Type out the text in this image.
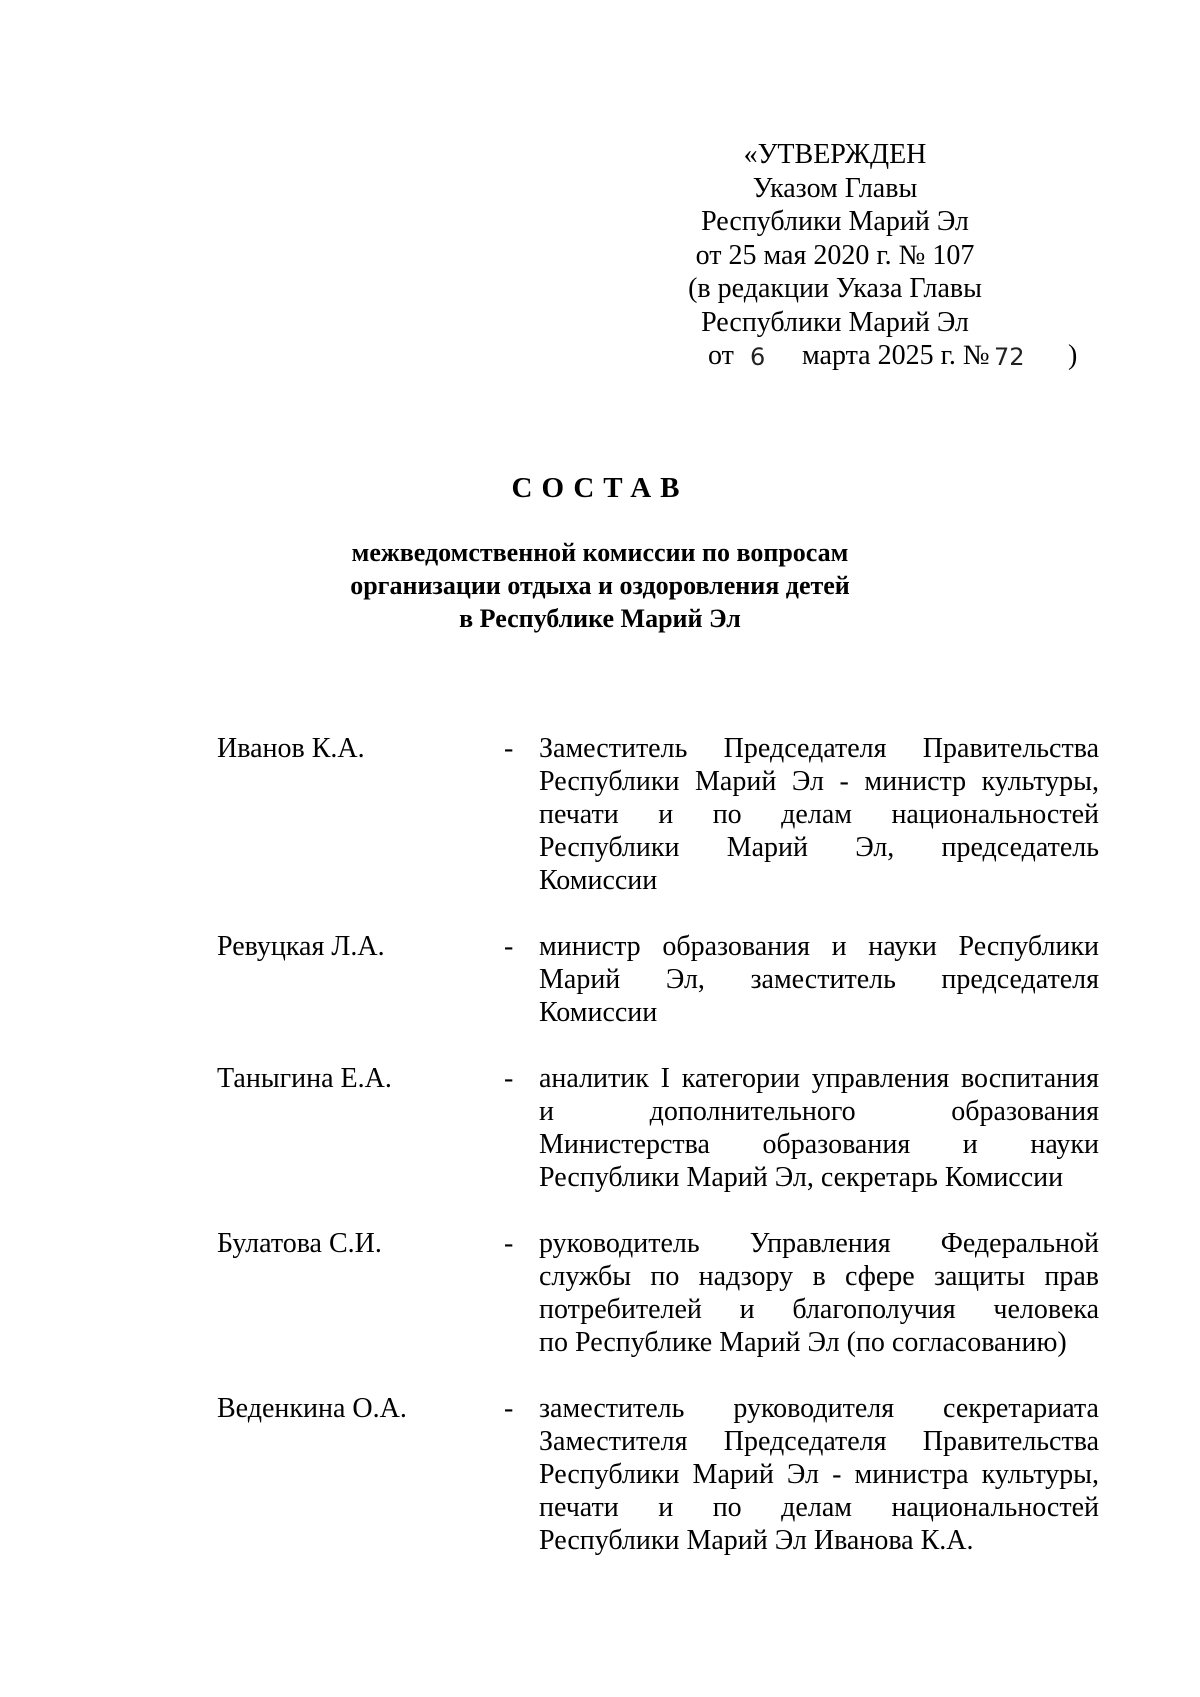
«УТВЕРЖДЕН
Указом Главы
Республики Марий Эл
от 25 мая 2020 г. № 107
(в редакции Указа Главы
Республики Марий Эл
от 6 марта 2025 г. № 72 )
СОСТАВ
межведомственной комиссии по вопросам
организации отдыха и оздоровления детей
в Республике Марий Эл
Иванов К.А.	- Заместитель Председателя Правительства
Республики Марий Эл - министр культуры,
печати и по делам национальностей
Республики Марий Эл, председатель
Комиссии
Ревуцкая Л.А.	- министр образования и науки Республики
Марий Эл, заместитель председателя
Комиссии
Таныгина Е.А.	- аналитик I категории управления воспитания
и дополнительного образования
Министерства образования и науки
Республики Марий Эл, секретарь Комиссии
Булатова С.И.	- руководитель Управления Федеральной
службы по надзору в сфере защиты прав
потребителей и благополучия человека
по Республике Марий Эл (по согласованию)
Веденкина О.А.	- заместитель руководителя секретариата
Заместителя Председателя Правительства
Республики Марий Эл - министра культуры,
печати и по делам национальностей
Республики Марий Эл Иванова К.А.
